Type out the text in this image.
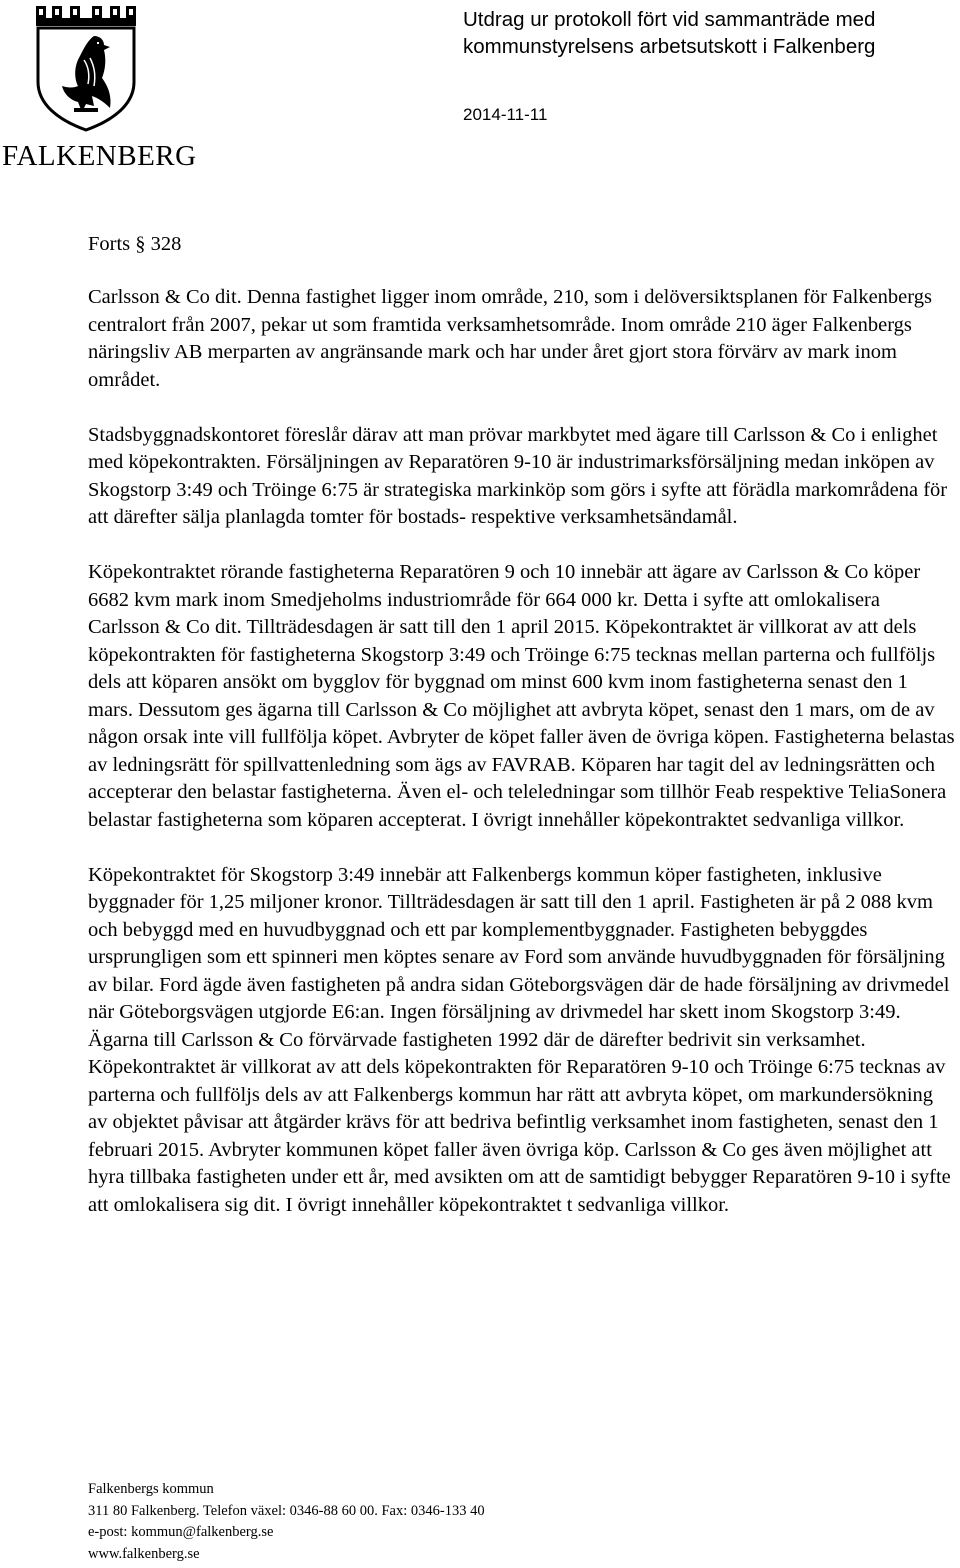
FALKENBERG
Utdrag ur protokoll fört vid sammanträde med
kommunstyrelsens arbetsutskott i Falkenberg
2014-11-11
Forts § 328

Carlsson & Co dit. Denna fastighet ligger inom område, 210, som i delöversiktsplanen för Falkenbergs centralort från 2007, pekar ut som framtida verksamhetsområde. Inom område 210 äger Falkenbergs näringsliv AB merparten av angränsande mark och har under året gjort stora förvärv av mark inom området.

Stadsbyggnadskontoret föreslår därav att man prövar markbytet med ägare till Carlsson & Co i enlighet med köpekontrakten. Försäljningen av Reparatören 9-10 är industrimarksförsäljning medan inköpen av Skogstorp 3:49 och Tröinge 6:75 är strategiska markinköp som görs i syfte att förädla markområdena för att därefter sälja planlagda tomter för bostads- respektive verksamhetsändamål.

Köpekontraktet rörande fastigheterna Reparatören 9 och 10 innebär att ägare av Carlsson & Co köper 6682 kvm mark inom Smedjeholms industriområde för 664 000 kr. Detta i syfte att omlokalisera Carlsson & Co dit. Tillträdesdagen är satt till den 1 april 2015. Köpekontraktet är villkorat av att dels köpekontrakten för fastigheterna Skogstorp 3:49 och Tröinge 6:75 tecknas mellan parterna och fullföljs dels att köparen ansökt om bygglov för byggnad om minst 600 kvm inom fastigheterna senast den 1 mars. Dessutom ges ägarna till Carlsson & Co möjlighet att avbryta köpet, senast den 1 mars, om de av någon orsak inte vill fullfölja köpet. Avbryter de köpet faller även de övriga köpen. Fastigheterna belastas av ledningsrätt för spillvattenledning som ägs av FAVRAB. Köparen har tagit del av ledningsrätten och accepterar den belastar fastigheterna. Även el- och teleledningar som tillhör Feab respektive TeliaSonera belastar fastigheterna som köparen accepterat. I övrigt innehåller köpekontraktet sedvanliga villkor.

Köpekontraktet för Skogstorp 3:49 innebär att Falkenbergs kommun köper fastigheten, inklusive byggnader för 1,25 miljoner kronor. Tillträdesdagen är satt till den 1 april. Fastigheten är på 2 088 kvm och bebyggd med en huvudbyggnad och ett par komplementbyggnader. Fastigheten bebyggdes ursprungligen som ett spinneri men köptes senare av Ford som använde huvudbyggnaden för försäljning av bilar. Ford ägde även fastigheten på andra sidan Göteborgsvägen där de hade försäljning av drivmedel när Göteborgsvägen utgjorde E6:an. Ingen försäljning av drivmedel har skett inom Skogstorp 3:49. Ägarna till Carlsson & Co förvärvade fastigheten 1992 där de därefter bedrivit sin verksamhet. Köpekontraktet är villkorat av att dels köpekontrakten för Reparatören 9-10 och Tröinge 6:75 tecknas av parterna och fullföljs dels av att Falkenbergs kommun har rätt att avbryta köpet, om markundersökning av objektet påvisar att åtgärder krävs för att bedriva befintlig verksamhet inom fastigheten, senast den 1 februari 2015. Avbryter kommunen köpet faller även övriga köp. Carlsson & Co ges även möjlighet att hyra tillbaka fastigheten under ett år, med avsikten om att de samtidigt bebygger Reparatören 9-10 i syfte att omlokalisera sig dit. I övrigt innehåller köpekontraktet t sedvanliga villkor.

Falkenbergs kommun
311 80 Falkenberg. Telefon växel: 0346-88 60 00. Fax: 0346-133 40
e-post: kommun@falkenberg.se
www.falkenberg.se
